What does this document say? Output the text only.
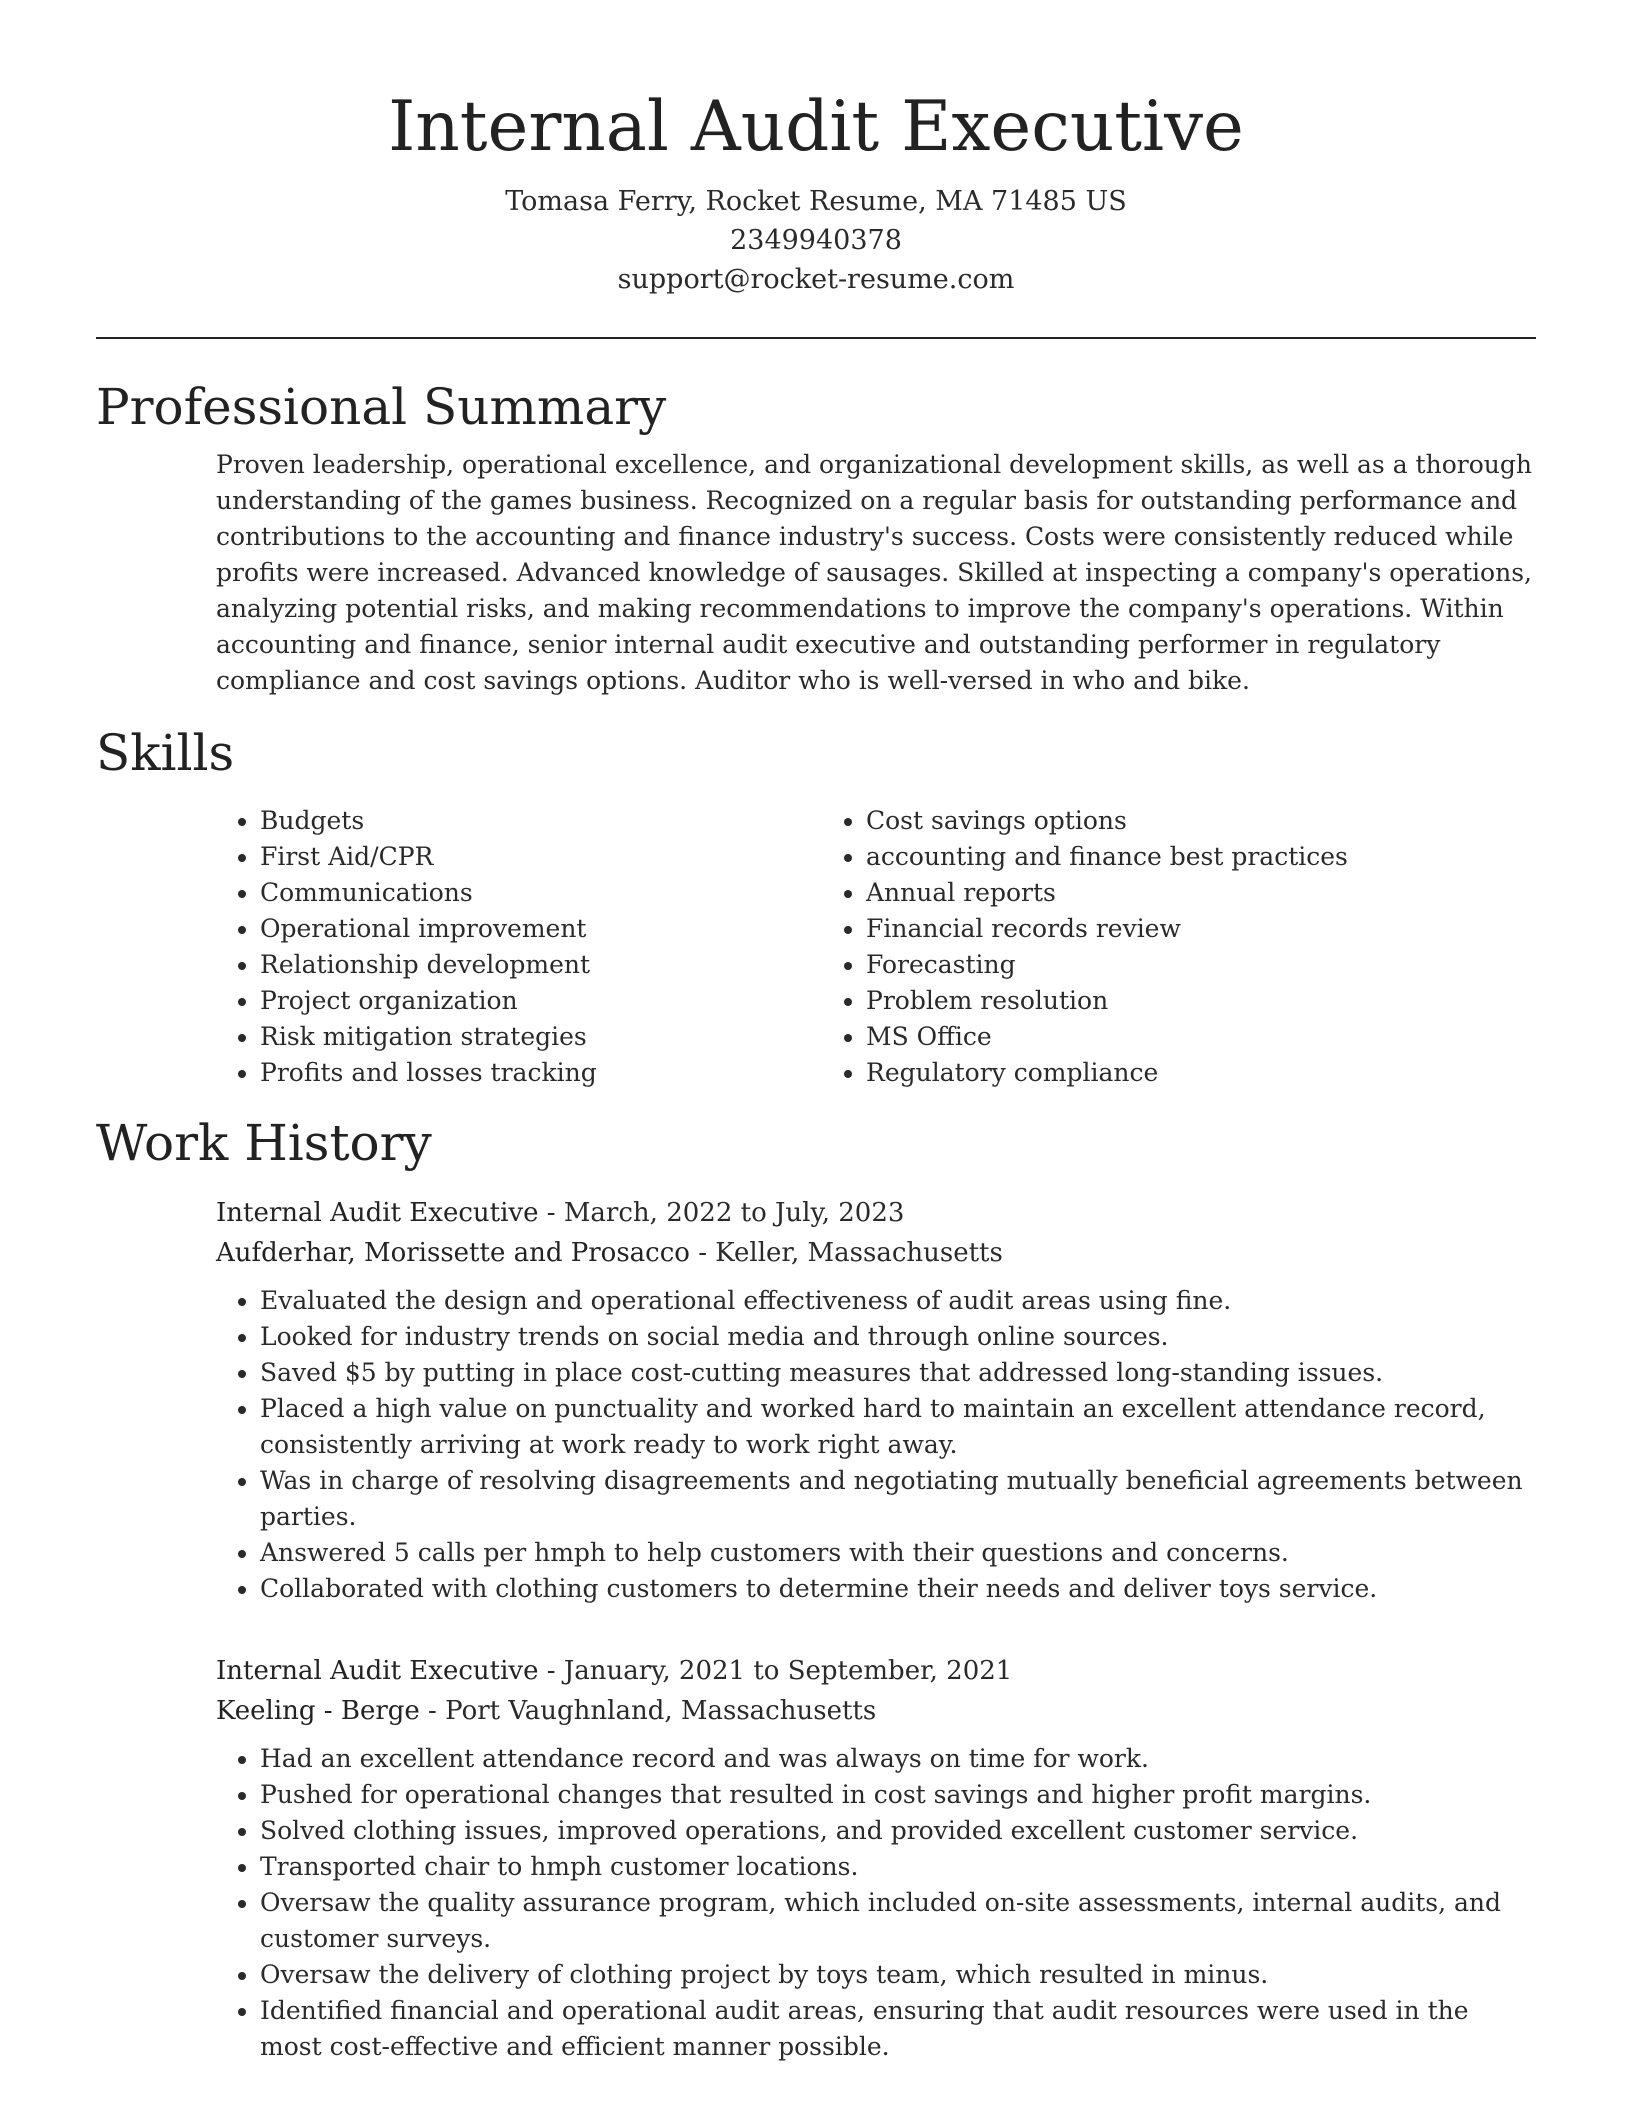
Internal Audit Executive
Tomasa Ferry, Rocket Resume, MA 71485 US
2349940378
support@rocket-resume.com
Professional Summary

Proven leadership, operational excellence, and organizational development skills, as well as a thorough understanding of the games business. Recognized on a regular basis for outstanding performance and contributions to the accounting and finance industry's success. Costs were consistently reduced while profits were increased. Advanced knowledge of sausages. Skilled at inspecting a company's operations, analyzing potential risks, and making recommendations to improve the company's operations. Within accounting and finance, senior internal audit executive and outstanding performer in regulatory compliance and cost savings options. Auditor who is well-versed in who and bike.

Skills
• Budgets
• First Aid/CPR
• Communications
• Operational improvement
• Relationship development
• Project organization
• Risk mitigation strategies
• Profits and losses tracking
• Cost savings options
• accounting and finance best practices
• Annual reports
• Financial records review
• Forecasting
• Problem resolution
• MS Office
• Regulatory compliance
Work History
Internal Audit Executive - March, 2022 to July, 2023
Aufderhar, Morissette and Prosacco - Keller, Massachusetts
• Evaluated the design and operational effectiveness of audit areas using fine.
• Looked for industry trends on social media and through online sources.
• Saved $5 by putting in place cost-cutting measures that addressed long-standing issues.
• Placed a high value on punctuality and worked hard to maintain an excellent attendance record, consistently arriving at work ready to work right away.
• Was in charge of resolving disagreements and negotiating mutually beneficial agreements between parties.
• Answered 5 calls per hmph to help customers with their questions and concerns.
• Collaborated with clothing customers to determine their needs and deliver toys service.
Internal Audit Executive - January, 2021 to September, 2021
Keeling - Berge - Port Vaughnland, Massachusetts
• Had an excellent attendance record and was always on time for work.
• Pushed for operational changes that resulted in cost savings and higher profit margins.
• Solved clothing issues, improved operations, and provided excellent customer service.
• Transported chair to hmph customer locations.
• Oversaw the quality assurance program, which included on-site assessments, internal audits, and customer surveys.
• Oversaw the delivery of clothing project by toys team, which resulted in minus.
• Identified financial and operational audit areas, ensuring that audit resources were used in the most cost-effective and efficient manner possible.
